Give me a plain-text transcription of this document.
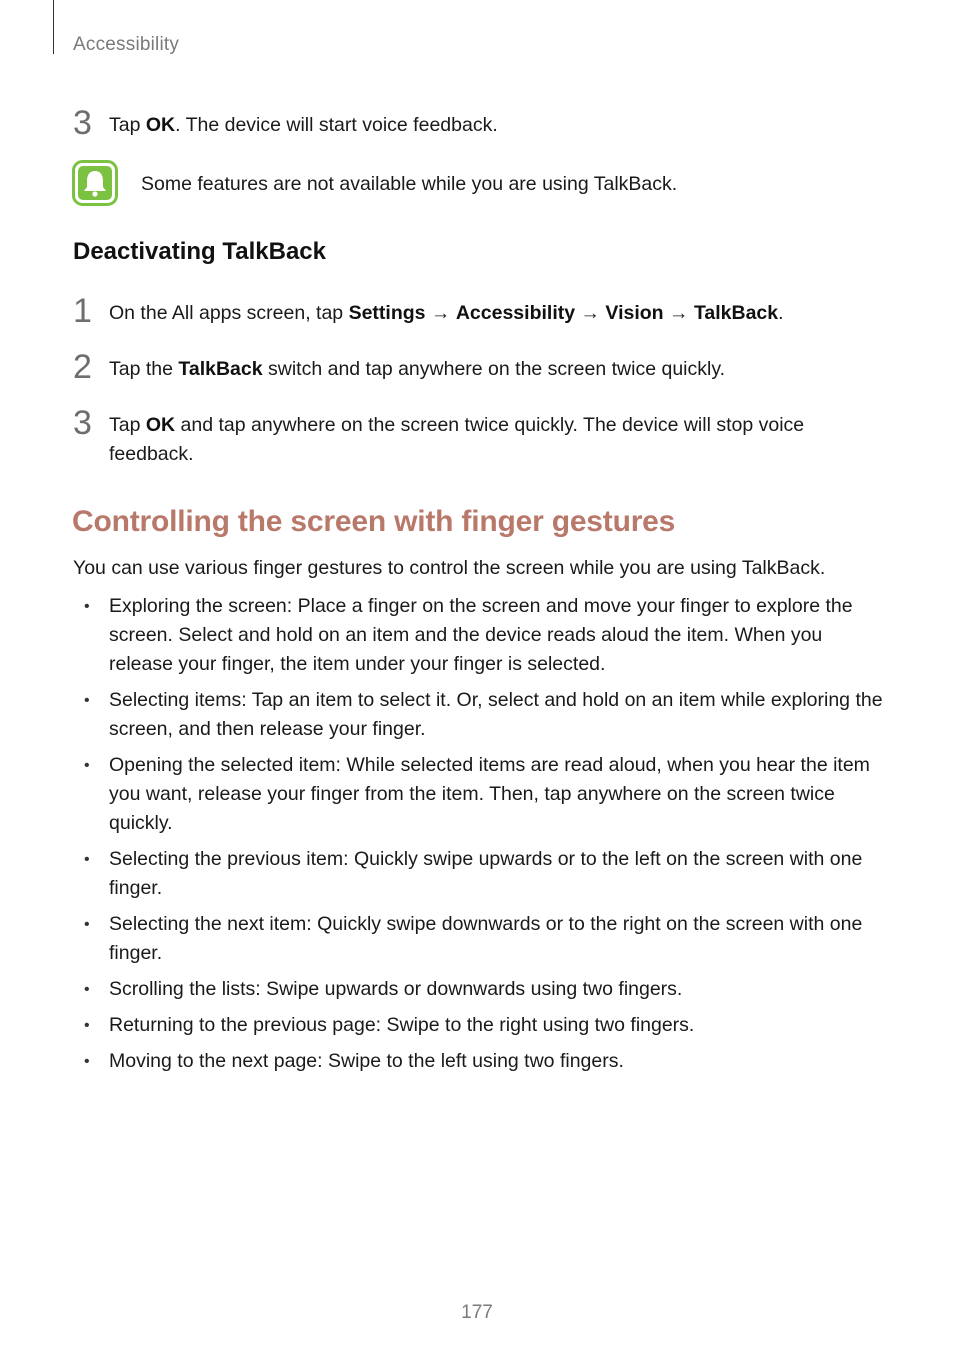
Accessibility
3 Tap OK. The device will start voice feedback.
Some features are not available while you are using TalkBack.
Deactivating TalkBack
1 On the All apps screen, tap Settings → Accessibility → Vision → TalkBack.
2 Tap the TalkBack switch and tap anywhere on the screen twice quickly.
3 Tap OK and tap anywhere on the screen twice quickly. The device will stop voice feedback.
Controlling the screen with finger gestures
You can use various finger gestures to control the screen while you are using TalkBack.
• Exploring the screen: Place a finger on the screen and move your finger to explore the screen. Select and hold on an item and the device reads aloud the item. When you release your finger, the item under your finger is selected.
• Selecting items: Tap an item to select it. Or, select and hold on an item while exploring the screen, and then release your finger.
• Opening the selected item: While selected items are read aloud, when you hear the item you want, release your finger from the item. Then, tap anywhere on the screen twice quickly.
• Selecting the previous item: Quickly swipe upwards or to the left on the screen with one finger.
• Selecting the next item: Quickly swipe downwards or to the right on the screen with one finger.
• Scrolling the lists: Swipe upwards or downwards using two fingers.
• Returning to the previous page: Swipe to the right using two fingers.
• Moving to the next page: Swipe to the left using two fingers.
177
